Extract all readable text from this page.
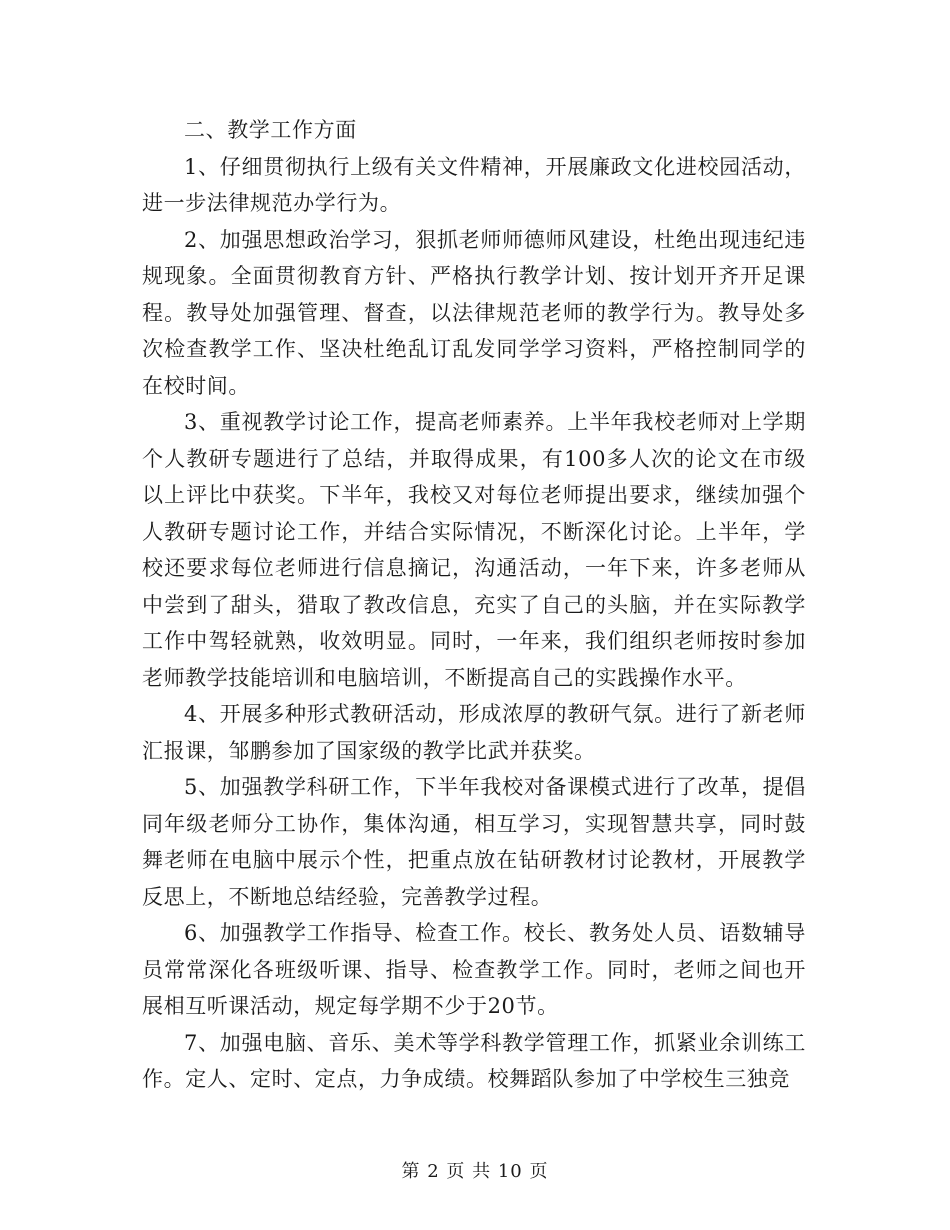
二、教学工作方面

1、仔细贯彻执行上级有关文件精神，开展廉政文化进校园活动，进一步法律规范办学行为。

2、加强思想政治学习，狠抓老师师德师风建设，杜绝出现违纪违规现象。全面贯彻教育方针、严格执行教学计划、按计划开齐开足课程。教导处加强管理、督查，以法律规范老师的教学行为。教导处多次检查教学工作、坚决杜绝乱订乱发同学学习资料，严格控制同学的在校时间。

3、重视教学讨论工作，提高老师素养。上半年我校老师对上学期个人教研专题进行了总结，并取得成果，有100多人次的论文在市级以上评比中获奖。下半年，我校又对每位老师提出要求，继续加强个人教研专题讨论工作，并结合实际情况，不断深化讨论。上半年，学校还要求每位老师进行信息摘记，沟通活动，一年下来，许多老师从中尝到了甜头，猎取了教改信息，充实了自己的头脑，并在实际教学工作中驾轻就熟，收效明显。同时，一年来，我们组织老师按时参加老师教学技能培训和电脑培训，不断提高自己的实践操作水平。

4、开展多种形式教研活动，形成浓厚的教研气氛。进行了新老师汇报课，邹鹏参加了国家级的教学比武并获奖。

5、加强教学科研工作，下半年我校对备课模式进行了改革，提倡同年级老师分工协作，集体沟通，相互学习，实现智慧共享，同时鼓舞老师在电脑中展示个性，把重点放在钻研教材讨论教材，开展教学反思上，不断地总结经验，完善教学过程。

6、加强教学工作指导、检查工作。校长、教务处人员、语数辅导员常常深化各班级听课、指导、检查教学工作。同时，老师之间也开展相互听课活动，规定每学期不少于20节。

7、加强电脑、音乐、美术等学科教学管理工作，抓紧业余训练工作。定人、定时、定点，力争成绩。校舞蹈队参加了中学校生三独竞

第 2 页 共 10 页
